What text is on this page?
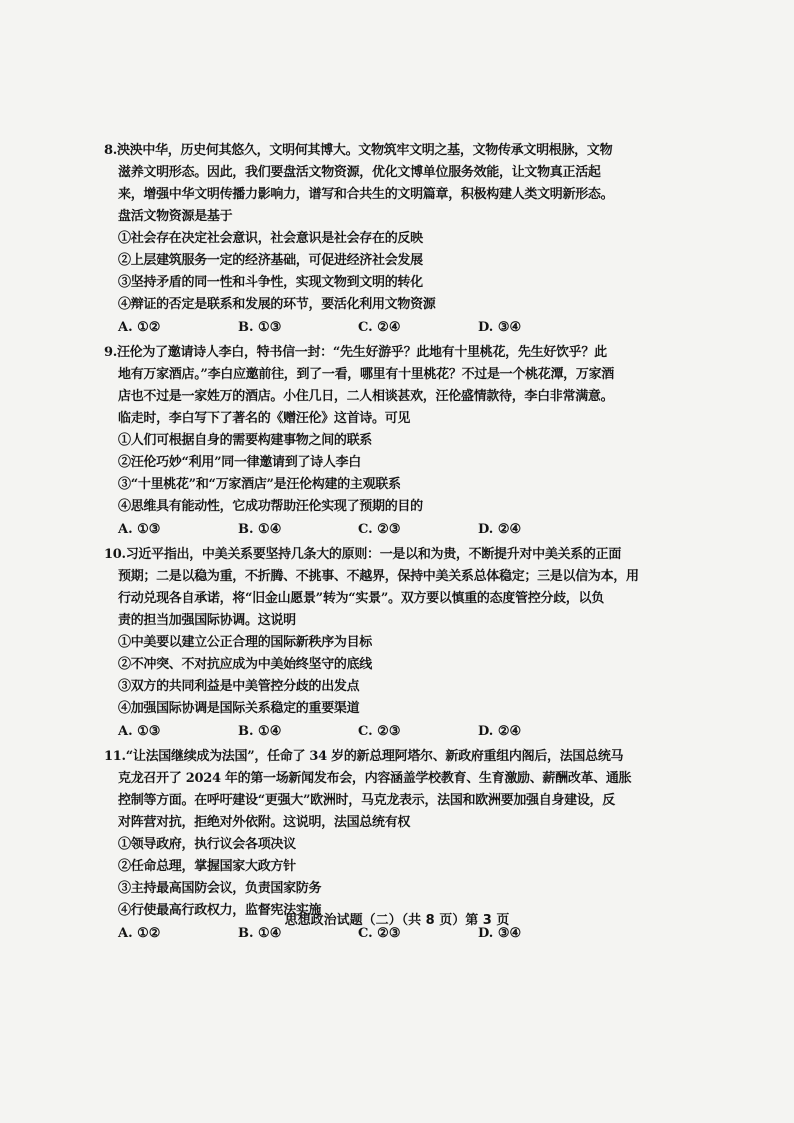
8.泱泱中华，历史何其悠久，文明何其博大。文物筑牢文明之基，文物传承文明根脉，文物
滋养文明形态。因此，我们要盘活文物资源，优化文博单位服务效能，让文物真正活起
来，增强中华文明传播力影响力，谱写和合共生的文明篇章，积极构建人类文明新形态。
盘活文物资源是基于
①社会存在决定社会意识，社会意识是社会存在的反映
②上层建筑服务一定的经济基础，可促进经济社会发展
③坚持矛盾的同一性和斗争性，实现文物到文明的转化
④辩证的否定是联系和发展的环节，要活化利用文物资源
A. ①②	B. ①③	C. ②④	D. ③④
9.汪伦为了邀请诗人李白，特书信一封：“先生好游乎？此地有十里桃花，先生好饮乎？此
地有万家酒店。”李白应邀前往，到了一看，哪里有十里桃花？不过是一个桃花潭，万家酒
店也不过是一家姓万的酒店。小住几日，二人相谈甚欢，汪伦盛情款待，李白非常满意。
临走时，李白写下了著名的《赠汪伦》这首诗。可见
①人们可根据自身的需要构建事物之间的联系
②汪伦巧妙“利用”同一律邀请到了诗人李白
③“十里桃花”和“万家酒店”是汪伦构建的主观联系
④思维具有能动性，它成功帮助汪伦实现了预期的目的
A. ①③	B. ①④	C. ②③	D. ②④
10.习近平指出，中美关系要坚持几条大的原则：一是以和为贵，不断提升对中美关系的正面
预期；二是以稳为重，不折腾、不挑事、不越界，保持中美关系总体稳定；三是以信为本，用
行动兑现各自承诺，将“旧金山愿景”转为“实景”。双方要以慎重的态度管控分歧，以负
责的担当加强国际协调。这说明
①中美要以建立公正合理的国际新秩序为目标
②不冲突、不对抗应成为中美始终坚守的底线
③双方的共同利益是中美管控分歧的出发点
④加强国际协调是国际关系稳定的重要渠道
A. ①③	B. ①④	C. ②③	D. ②④
11.“让法国继续成为法国”，任命了 34 岁的新总理阿塔尔、新政府重组内阁后，法国总统马
克龙召开了 2024 年的第一场新闻发布会，内容涵盖学校教育、生育激励、薪酬改革、通胀
控制等方面。在呼吁建设“更强大”欧洲时，马克龙表示，法国和欧洲要加强自身建设，反
对阵营对抗，拒绝对外依附。这说明，法国总统有权
①领导政府，执行议会各项决议
②任命总理，掌握国家大政方针
③主持最高国防会议，负责国家防务
④行使最高行政权力，监督宪法实施
A. ①②	B. ①④	C. ②③	D. ③④
思想政治试题（二）（共 8 页）第 3 页
